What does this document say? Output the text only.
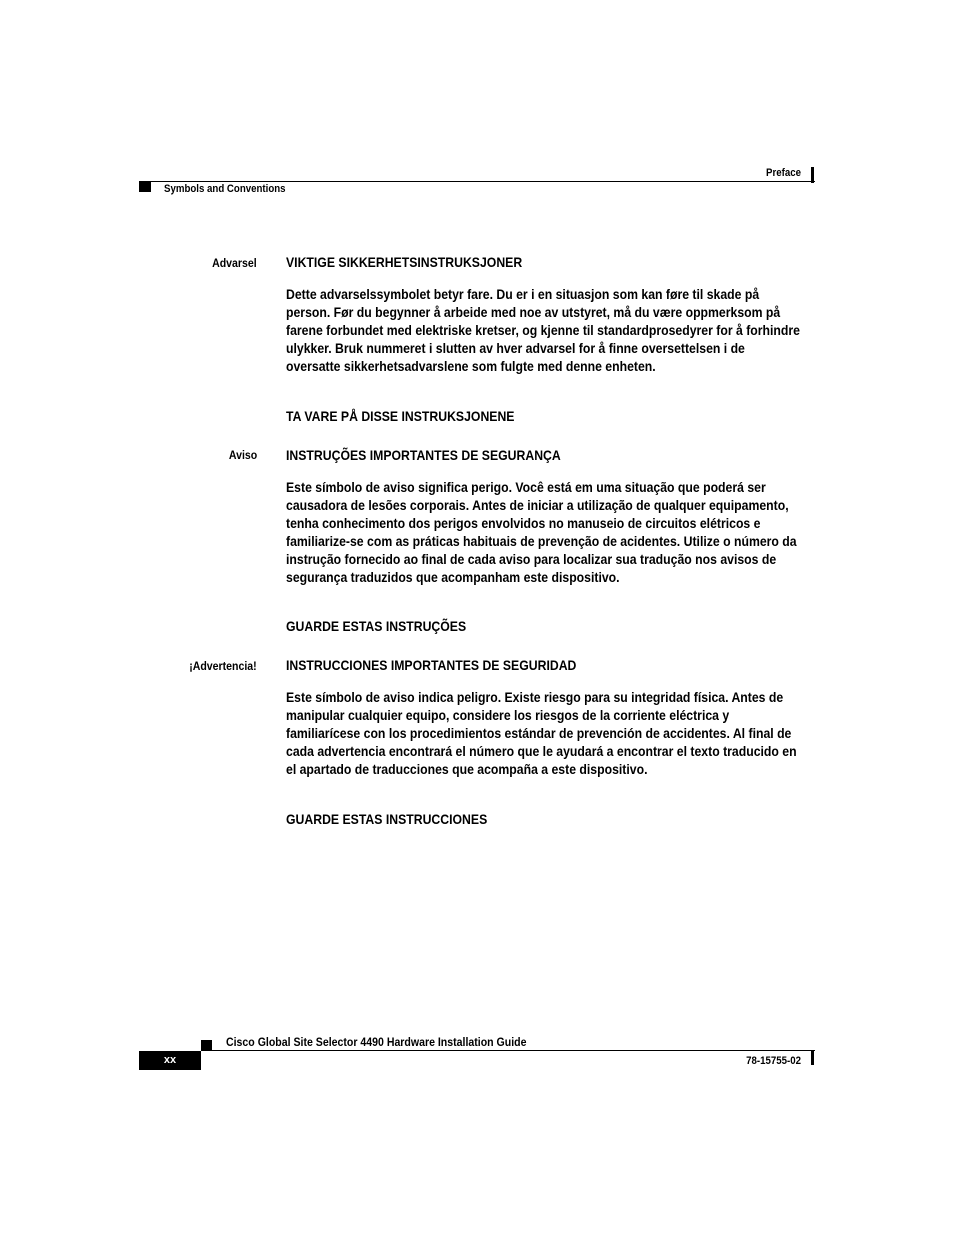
Preface
Symbols and Conventions
Advarsel VIKTIGE SIKKERHETSINSTRUKSJONER
Dette advarselssymbolet betyr fare. Du er i en situasjon som kan føre til skade på person. Før du begynner å arbeide med noe av utstyret, må du være oppmerksom på farene forbundet med elektriske kretser, og kjenne til standardprosedyrer for å forhindre ulykker. Bruk nummeret i slutten av hver advarsel for å finne oversettelsen i de oversatte sikkerhetsadvarslene som fulgte med denne enheten.
TA VARE PÅ DISSE INSTRUKSJONENE
Aviso INSTRUÇÕES IMPORTANTES DE SEGURANÇA
Este símbolo de aviso significa perigo. Você está em uma situação que poderá ser causadora de lesões corporais. Antes de iniciar a utilização de qualquer equipamento, tenha conhecimento dos perigos envolvidos no manuseio de circuitos elétricos e familiarize-se com as práticas habituais de prevenção de acidentes. Utilize o número da instrução fornecido ao final de cada aviso para localizar sua tradução nos avisos de segurança traduzidos que acompanham este dispositivo.
GUARDE ESTAS INSTRUÇÕES
¡Advertencia! INSTRUCCIONES IMPORTANTES DE SEGURIDAD
Este símbolo de aviso indica peligro. Existe riesgo para su integridad física. Antes de manipular cualquier equipo, considere los riesgos de la corriente eléctrica y familiarícese con los procedimientos estándar de prevención de accidentes. Al final de cada advertencia encontrará el número que le ayudará a encontrar el texto traducido en el apartado de traducciones que acompaña a este dispositivo.
GUARDE ESTAS INSTRUCCIONES
Cisco Global Site Selector 4490 Hardware Installation Guide
xx	78-15755-02
